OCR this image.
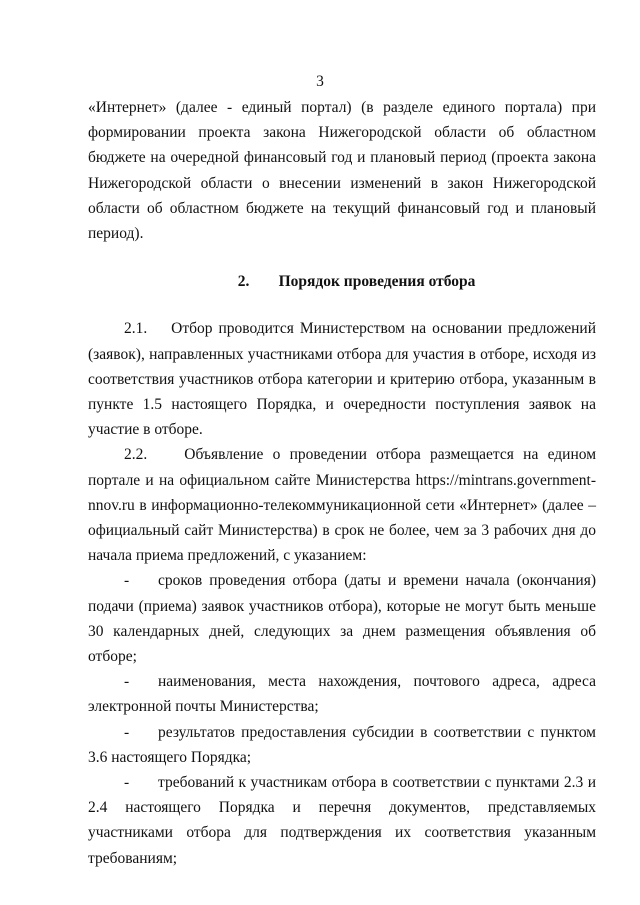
3

«Интернет» (далее - единый портал) (в разделе единого портала) при формировании проекта закона Нижегородской области об областном бюджете на очередной финансовый год и плановый период (проекта закона Нижегородской области о внесении изменений в закон Нижегородской области об областном бюджете на текущий финансовый год и плановый период).

2. Порядок проведения отбора

2.1. Отбор проводится Министерством на основании предложений (заявок), направленных участниками отбора для участия в отборе, исходя из соответствия участников отбора категории и критерию отбора, указанным в пункте 1.5 настоящего Порядка, и очередности поступления заявок на участие в отборе.

2.2. Объявление о проведении отбора размещается на едином портале и на официальном сайте Министерства https://mintrans.government-nnov.ru в информационно-телекоммуникационной сети «Интернет» (далее – официальный сайт Министерства) в срок не более, чем за 3 рабочих дня до начала приема предложений, с указанием:

- сроков проведения отбора (даты и времени начала (окончания) подачи (приема) заявок участников отбора), которые не могут быть меньше 30 календарных дней, следующих за днем размещения объявления об отборе;

- наименования, места нахождения, почтового адреса, адреса электронной почты Министерства;

- результатов предоставления субсидии в соответствии с пунктом 3.6 настоящего Порядка;

- требований к участникам отбора в соответствии с пунктами 2.3 и 2.4 настоящего Порядка и перечня документов, представляемых участниками отбора для подтверждения их соответствия указанным требованиям;
